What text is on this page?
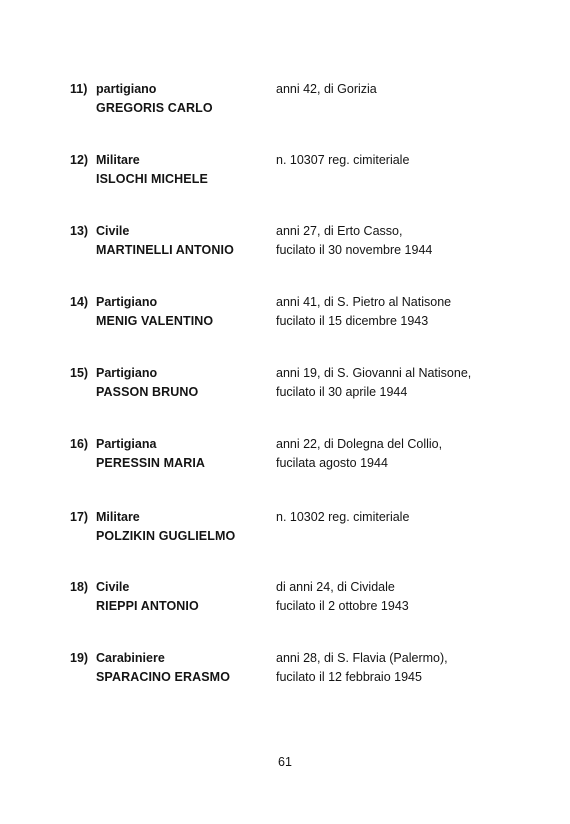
11) partigiano
GREGORIS CARLO
anni 42, di Gorizia
12) Militare
ISLOCHI MICHELE
n. 10307 reg. cimiteriale
13) Civile
MARTINELLI ANTONIO
anni 27, di Erto Casso,
fucilato il 30 novembre 1944
14) Partigiano
MENIG VALENTINO
anni 41, di S. Pietro al Natisone
fucilato il 15 dicembre 1943
15) Partigiano
PASSON BRUNO
anni 19, di S. Giovanni al Natisone,
fucilato il 30 aprile 1944
16) Partigiana
PERESSIN MARIA
anni 22, di Dolegna del Collio,
fucilata agosto 1944
17) Militare
POLZIKIN GUGLIELMO
n. 10302 reg. cimiteriale
18) Civile
RIEPPI ANTONIO
di anni 24, di Cividale
fucilato il 2 ottobre 1943
19) Carabiniere
SPARACINO ERASMO
anni 28, di S. Flavia (Palermo),
fucilato il 12 febbraio 1945
61
